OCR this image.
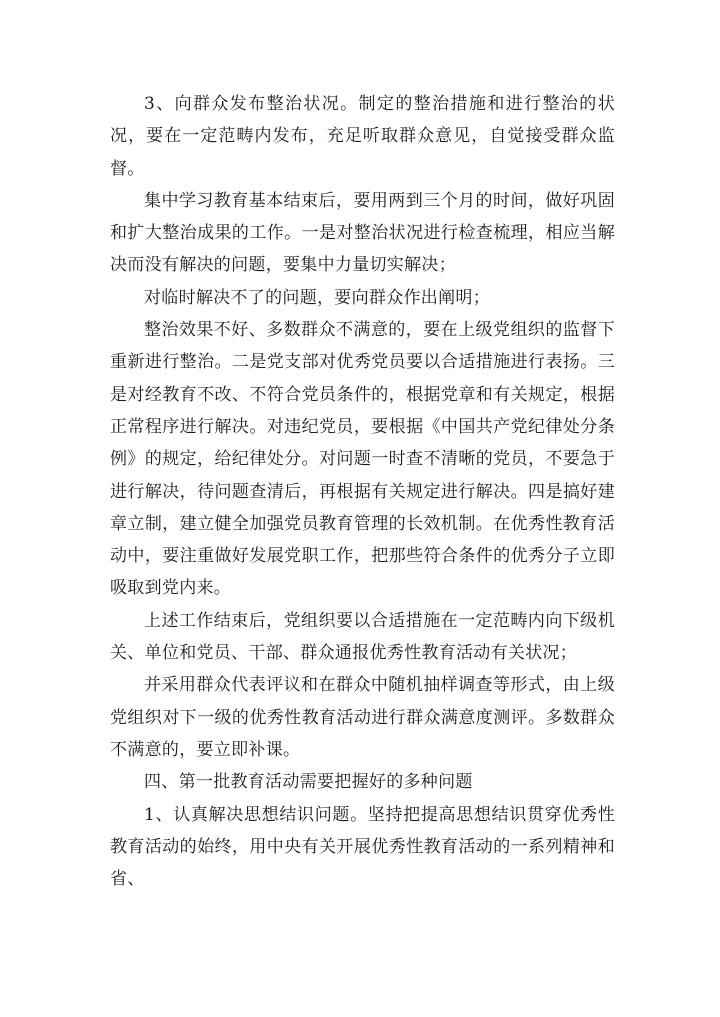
3、向群众发布整治状况。制定的整治措施和进行整治的状况，要在一定范畴内发布，充足听取群众意见，自觉接受群众监督。

集中学习教育基本结束后，要用两到三个月的时间，做好巩固和扩大整治成果的工作。一是对整治状况进行检查梳理，相应当解决而没有解决的问题，要集中力量切实解决；

对临时解决不了的问题，要向群众作出阐明；

整治效果不好、多数群众不满意的，要在上级党组织的监督下重新进行整治。二是党支部对优秀党员要以合适措施进行表扬。三是对经教育不改、不符合党员条件的，根据党章和有关规定，根据正常程序进行解决。对违纪党员，要根据《中国共产党纪律处分条例》的规定，给纪律处分。对问题一时查不清晰的党员，不要急于进行解决，待问题查清后，再根据有关规定进行解决。四是搞好建章立制，建立健全加强党员教育管理的长效机制。在优秀性教育活动中，要注重做好发展党职工作，把那些符合条件的优秀分子立即吸取到党内来。

上述工作结束后，党组织要以合适措施在一定范畴内向下级机关、单位和党员、干部、群众通报优秀性教育活动有关状况；

并采用群众代表评议和在群众中随机抽样调查等形式，由上级党组织对下一级的优秀性教育活动进行群众满意度测评。多数群众不满意的，要立即补课。

四、第一批教育活动需要把握好的多种问题

1、认真解决思想结识问题。坚持把提高思想结识贯穿优秀性教育活动的始终，用中央有关开展优秀性教育活动的一系列精神和省、
